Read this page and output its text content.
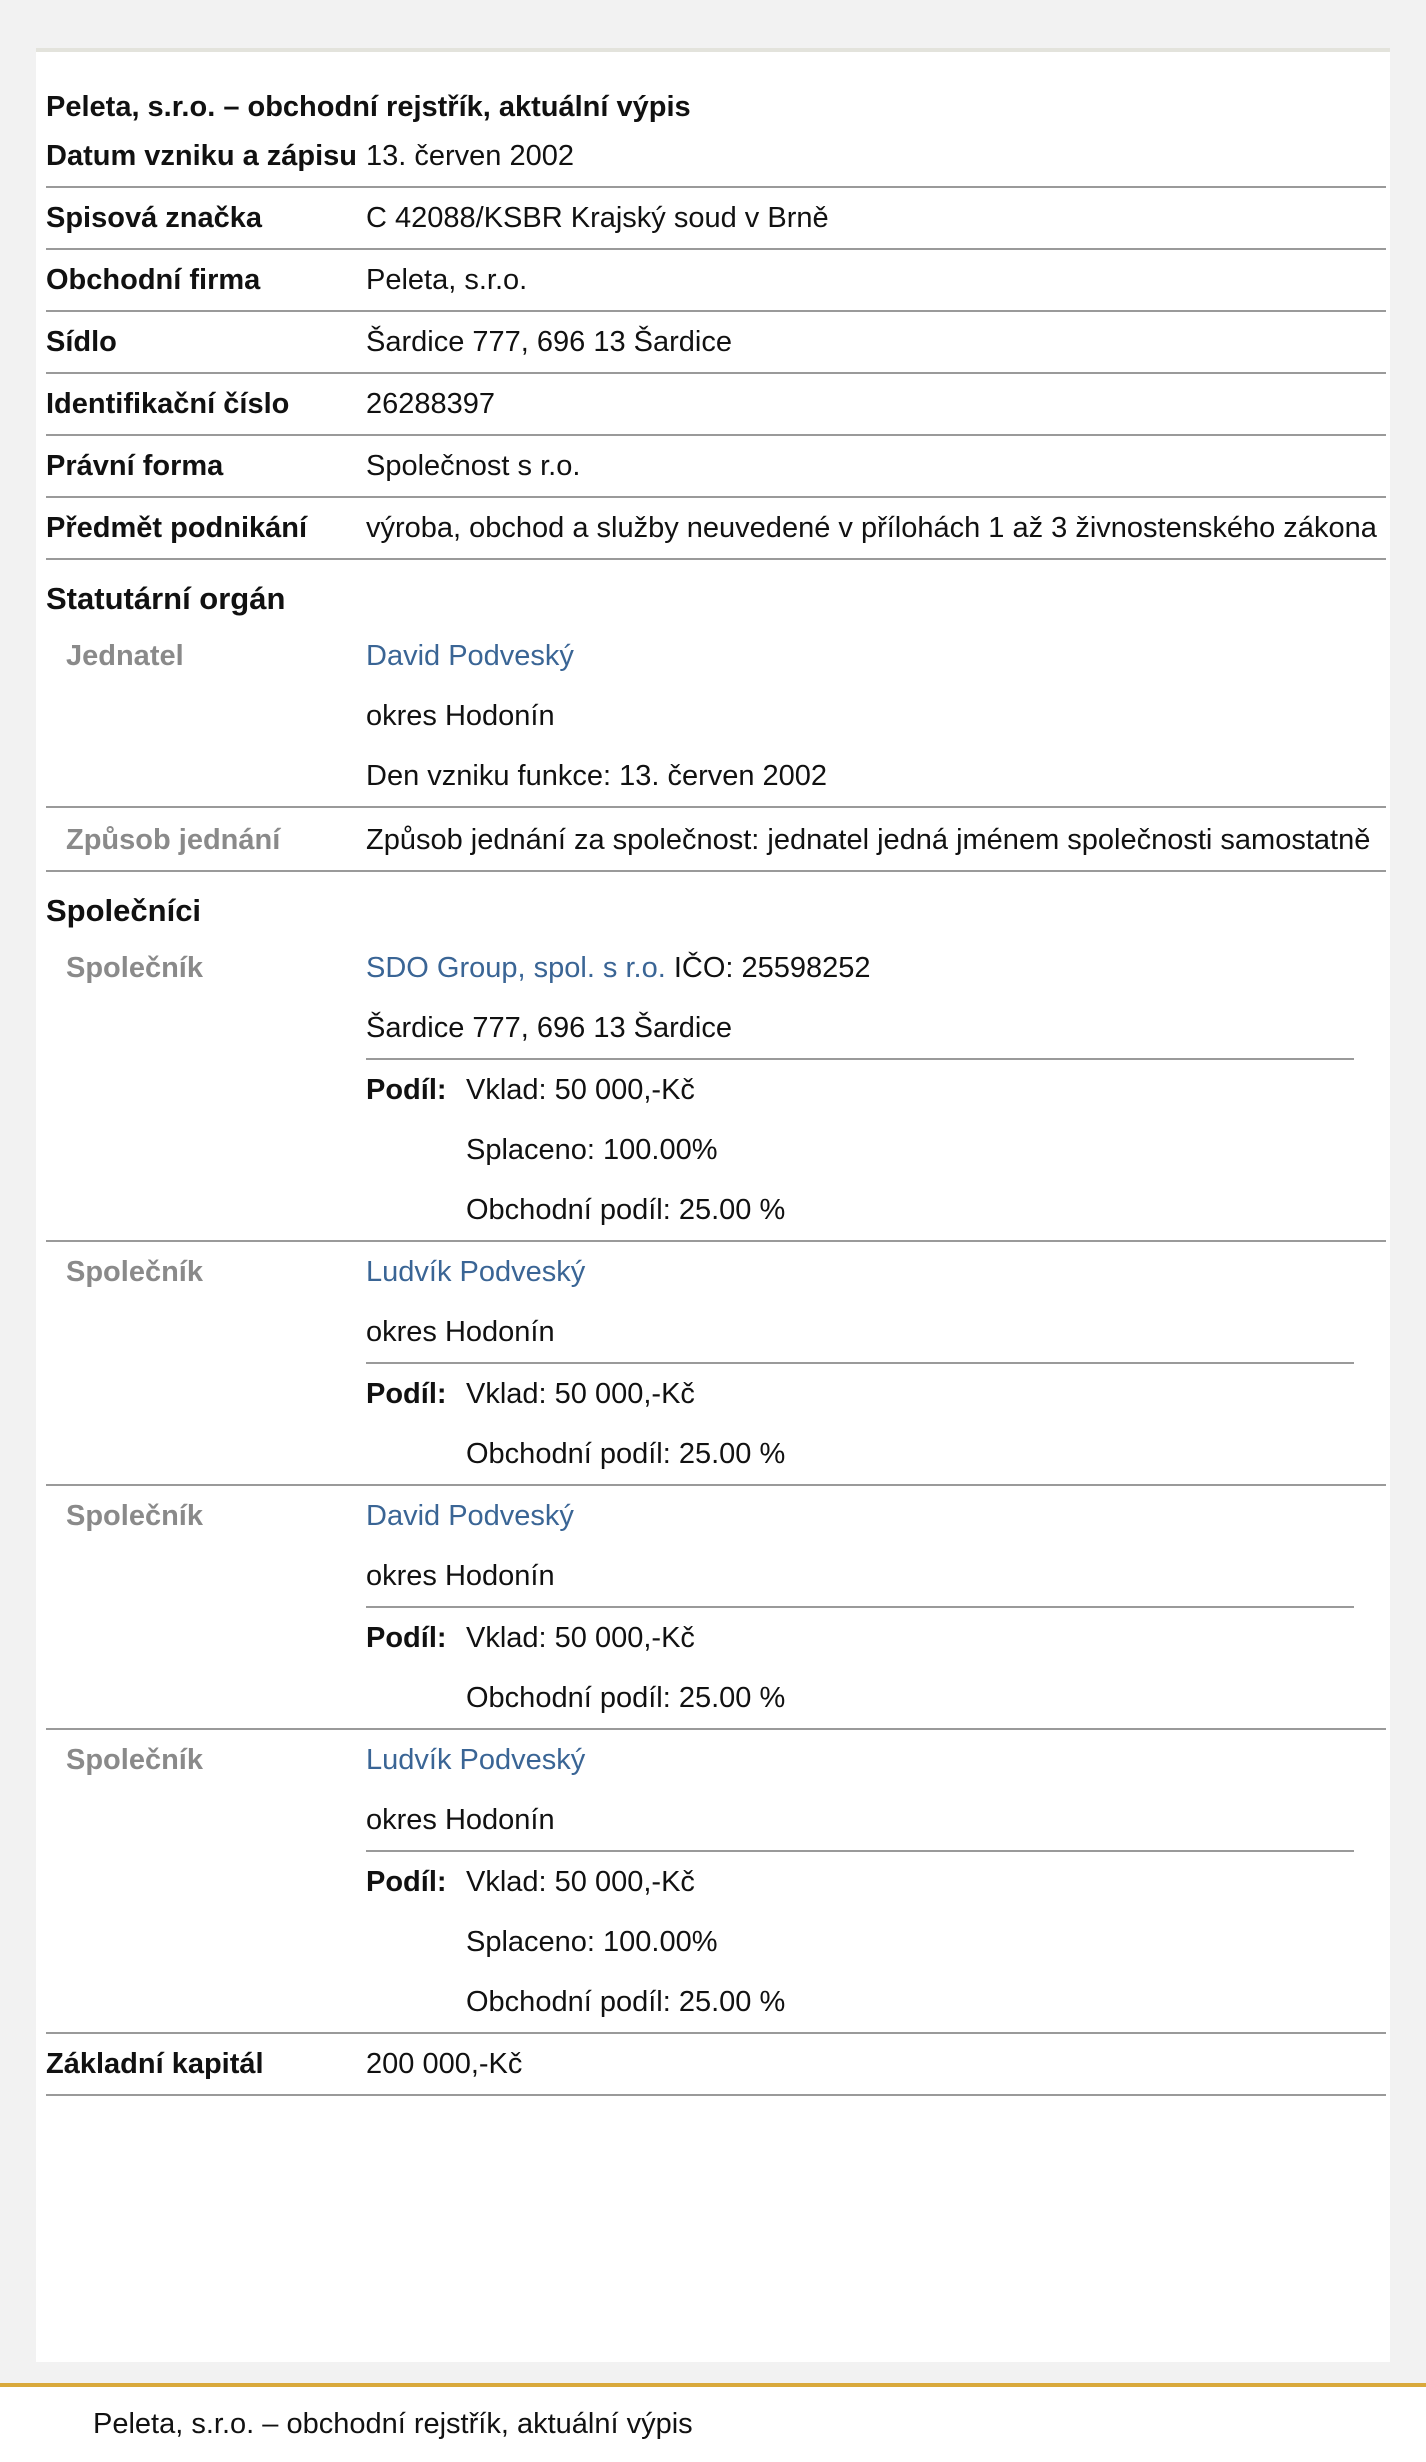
Peleta, s.r.o. – obchodní rejstřík, aktuální výpis
Datum vzniku a zápisu 13. červen 2002
Spisová značka	C 42088/KSBR Krajský soud v Brně
Obchodní firma	Peleta, s.r.o.
Sídlo	Šardice 777, 696 13 Šardice
Identifikační číslo	26288397
Právní forma	Společnost s r.o.
Předmět podnikání	výroba, obchod a služby neuvedené v přílohách 1 až 3 živnostenského zákona
Statutární orgán
Jednatel	David Podveský
okres Hodonín
Den vzniku funkce: 13. červen 2002
Způsob jednání	Způsob jednání za společnost: jednatel jedná jménem společnosti samostatně
Společníci
Společník	SDO Group, spol. s r.o. IČO: 25598252
Šardice 777, 696 13 Šardice
Podíl: Vklad: 50 000,-Kč
Splaceno: 100.00%
Obchodní podíl: 25.00 %
Společník	Ludvík Podveský
okres Hodonín
Podíl: Vklad: 50 000,-Kč
Obchodní podíl: 25.00 %
Společník	David Podveský
okres Hodonín
Podíl: Vklad: 50 000,-Kč
Obchodní podíl: 25.00 %
Společník	Ludvík Podveský
okres Hodonín
Podíl: Vklad: 50 000,-Kč
Splaceno: 100.00%
Obchodní podíl: 25.00 %
Základní kapitál	200 000,-Kč
Peleta, s.r.o. – obchodní rejstřík, aktuální výpis
